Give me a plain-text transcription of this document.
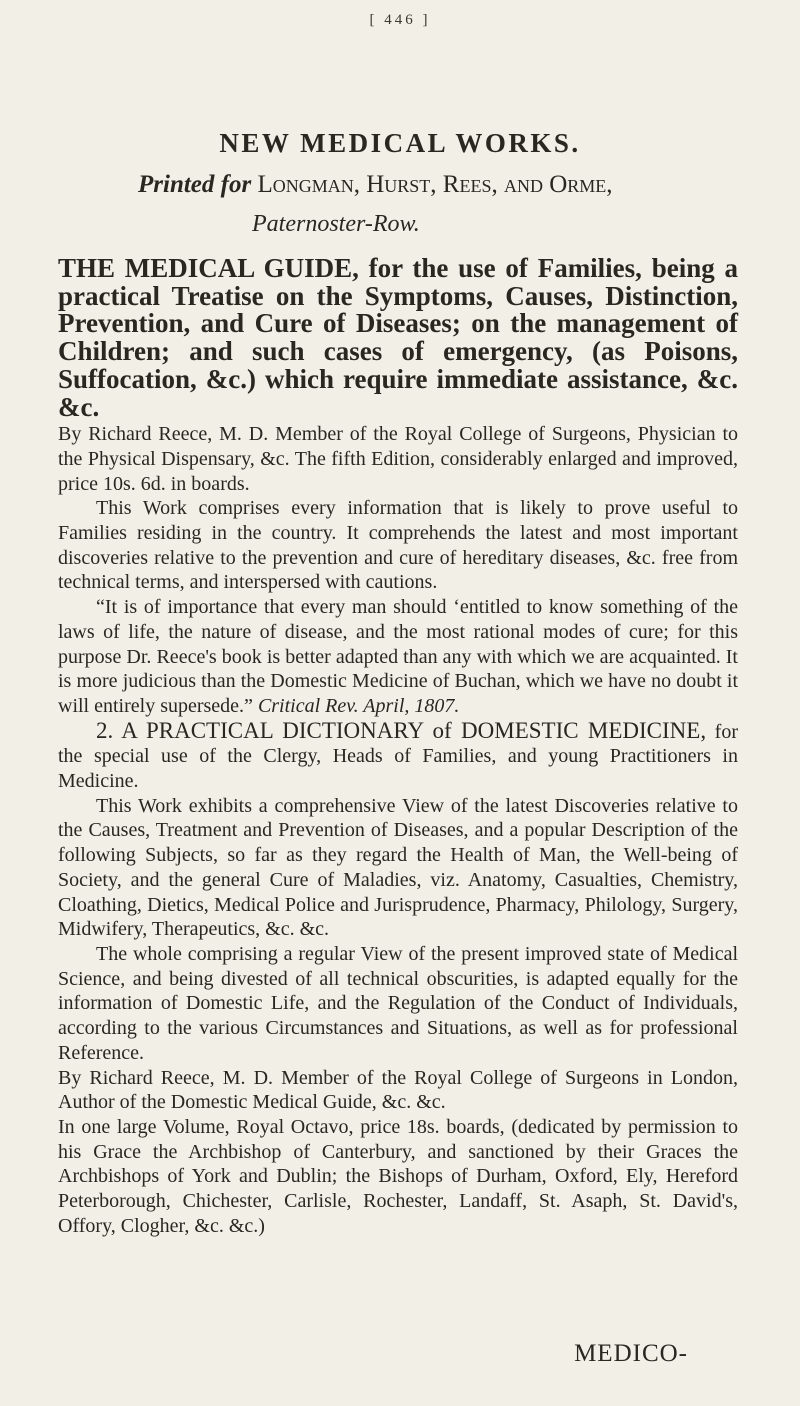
[ 446 ]
NEW MEDICAL WORKS.
Printed for Longman, Hurst, Rees, and Orme,
Paternoster-Row.

THE MEDICAL GUIDE, for the use of Families, being a practical Treatise on the Symptoms, Causes, Distinction, Prevention, and Cure of Diseases; on the management of Children; and such cases of emergency, (as Poisons, Suffocation, &c.) which require immediate assistance, &c. &c.

By Richard Reece, M. D. Member of the Royal College of Surgeons, Physician to the Physical Dispensary, &c. The fifth Edition, considerably enlarged and improved, price 10s. 6d. in boards.

This Work comprises every information that is likely to prove useful to Families residing in the country. It comprehends the latest and most important discoveries relative to the prevention and cure of hereditary diseases, &c. free from technical terms, and interspersed with cautions.

“It is of importance that every man should ‘entitled to know something of the laws of life, the nature of disease, and the most rational modes of cure; for this purpose Dr. Reece's book is better adapted than any with which we are acquainted. It is more judicious than the Domestic Medicine of Buchan, which we have no doubt it will entirely supersede.” Critical Rev. April, 1807.

2. A PRACTICAL DICTIONARY of DOMESTIC MEDICINE, for the special use of the Clergy, Heads of Families, and young Practitioners in Medicine.

This Work exhibits a comprehensive View of the latest Discoveries relative to the Causes, Treatment and Prevention of Diseases, and a popular Description of the following Subjects, so far as they regard the Health of Man, the Well-being of Society, and the general Cure of Maladies, viz. Anatomy, Casualties, Chemistry, Cloathing, Dietics, Medical Police and Jurisprudence, Pharmacy, Philology, Surgery, Midwifery, Therapeutics, &c. &c.

The whole comprising a regular View of the present improved state of Medical Science, and being divested of all technical obscurities, is adapted equally for the information of Domestic Life, and the Regulation of the Conduct of Individuals, according to the various Circumstances and Situations, as well as for professional Reference.

By Richard Reece, M. D. Member of the Royal College of Surgeons in London, Author of the Domestic Medical Guide, &c. &c.

In one large Volume, Royal Octavo, price 18s. boards, (dedicated by permission to his Grace the Archbishop of Canterbury, and sanctioned by their Graces the Archbishops of York and Dublin; the Bishops of Durham, Oxford, Ely, Hereford Peterborough, Chichester, Carlisle, Rochester, Landaff, St. Asaph, St. David's, Offory, Clogher, &c. &c.)

MEDICO-
